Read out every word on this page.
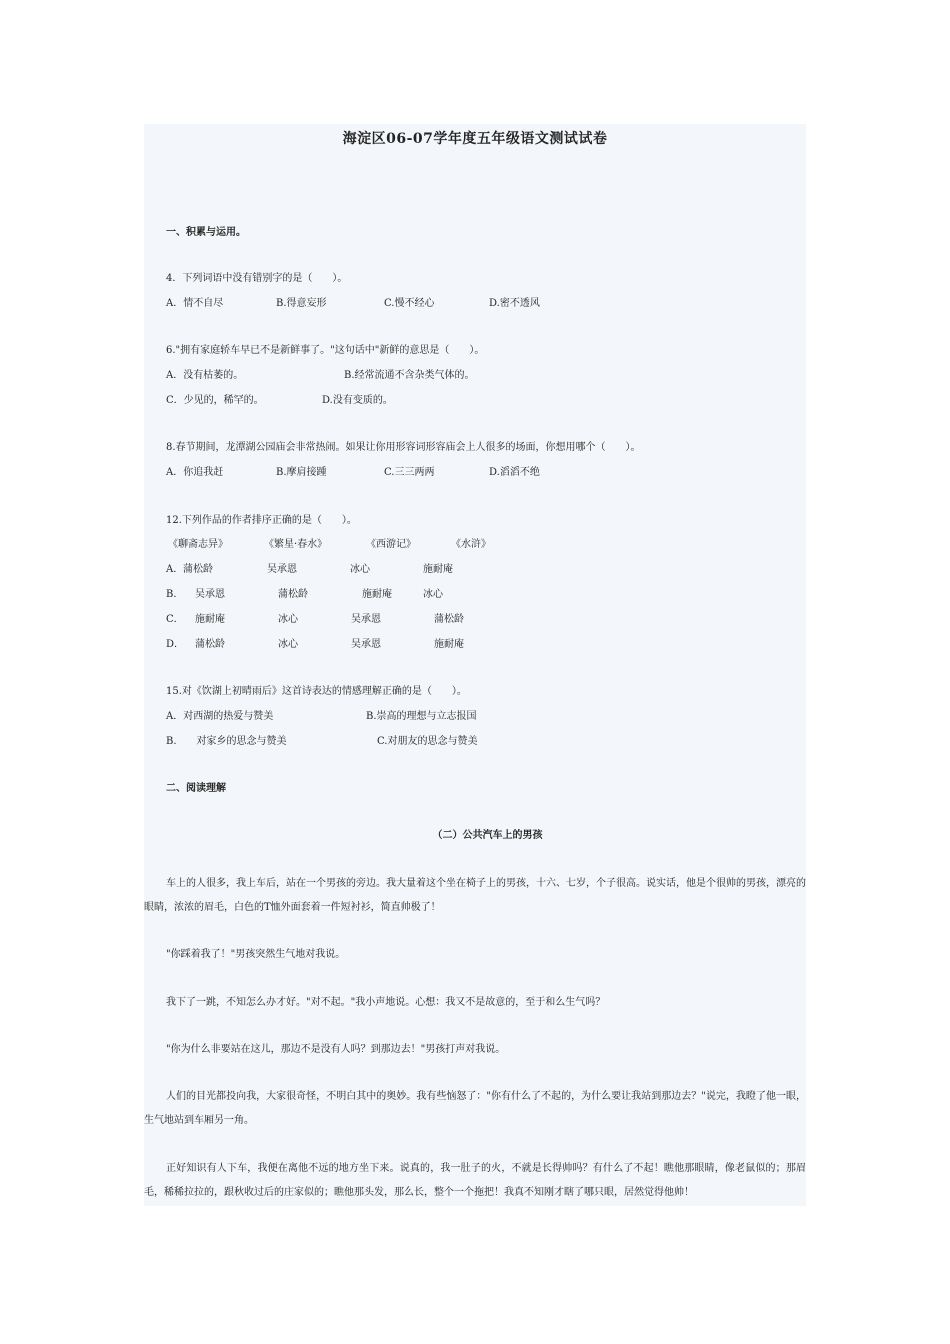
海淀区06-07学年度五年级语文测试试卷
一、积累与运用。
4．下列词语中没有错别字的是（　　）。
A．情不自尽	B.得意妄形	C.慢不经心	D.密不透风
6."拥有家庭轿车早已不是新鲜事了。"这句话中"新鲜的意思是（　　）。
A．没有枯萎的。	B.经常流通不含杂类气体的。
C．少见的，稀罕的。	D.没有变质的。
8.春节期间，龙潭湖公园庙会非常热闹。如果让你用形容词形容庙会上人很多的场面，你想用哪个（　　）。
A．你追我赶	B.摩肩接踵	C.三三两两	D.滔滔不绝
12.下列作品的作者排序正确的是（　　）。
《聊斋志异》	《繁星·春水》	《西游记》	《水浒》
A． 蒲松龄	吴承恩	冰心	施耐庵
B． 吴承恩	蒲松龄	施耐庵	冰心
C． 施耐庵	冰心	吴承恩	蒲松龄
D． 蒲松龄	冰心	吴承恩	施耐庵
15.对《饮湖上初晴雨后》这首诗表达的情感理解正确的是（　　）。
A．对西湖的热爱与赞美	B.崇高的理想与立志报国
B.　　对家乡的思念与赞美	C.对朋友的思念与赞美
二、阅读理解
（二）公共汽车上的男孩
车上的人很多，我上车后，站在一个男孩的旁边。我大量着这个坐在椅子上的男孩，十六、七岁，个子很高。说实话，他是个很帅的男孩，漂亮的眼睛，浓浓的眉毛，白色的T恤外面套着一件短衬衫，简直帅极了！
"你踩着我了！"男孩突然生气地对我说。
我下了一跳，不知怎么办才好。"对不起。"我小声地说。心想：我又不是故意的，至于和么生气吗？
"你为什么非要站在这儿，那边不是没有人吗？到那边去！"男孩打声对我说。
人们的目光都投向我，大家很奇怪，不明白其中的奥妙。我有些恼怒了："你有什么了不起的，为什么要让我站到那边去？"说完，我瞪了他一眼，生气地站到车厢另一角。
正好知识有人下车，我便在离他不远的地方坐下来。说真的，我一肚子的火，不就是长得帅吗？有什么了不起！瞧他那眼睛，像老鼠似的；那眉毛，稀稀拉拉的，跟秋收过后的庄家似的；瞧他那头发，那么长，整个一个拖把！我真不知刚才瞎了哪只眼，居然觉得他帅！
